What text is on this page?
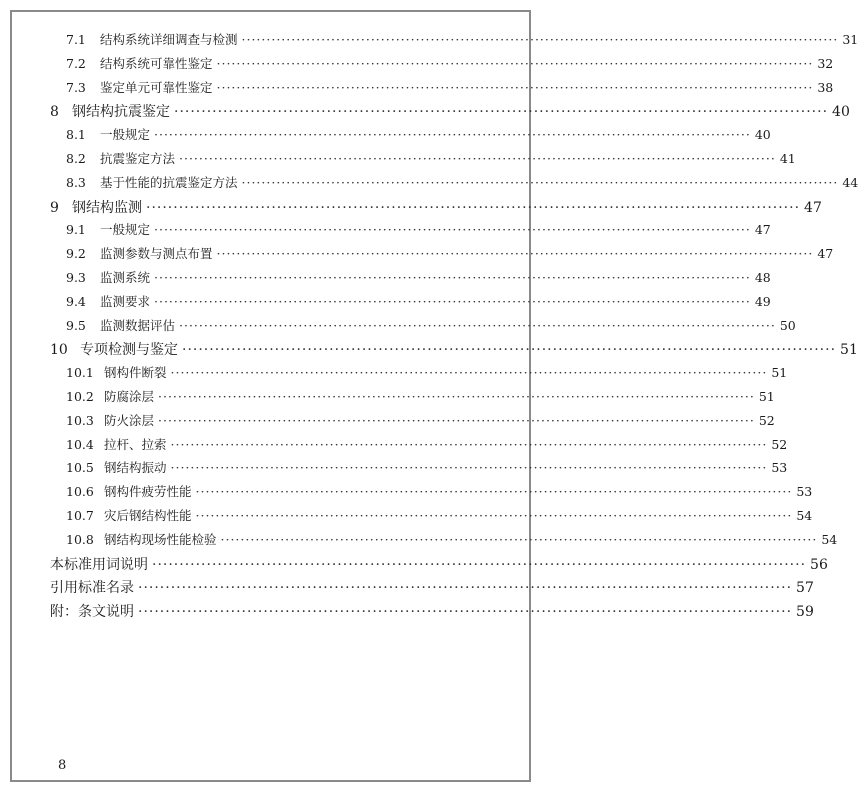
7.1	结构系统详细调查与检测 ························································································································ 31
7.2	结构系统可靠性鉴定 ························································································································ 32
7.3	鉴定单元可靠性鉴定 ························································································································ 38
8 钢结构抗震鉴定 ························································································································ 40
8.1	一般规定 ························································································································ 40
8.2	抗震鉴定方法 ························································································································ 41
8.3	基于性能的抗震鉴定方法 ························································································································ 44
9 钢结构监测 ························································································································ 47
9.1	一般规定 ························································································································ 47
9.2	监测参数与测点布置 ························································································································ 47
9.3	监测系统 ························································································································ 48
9.4	监测要求 ························································································································ 49
9.5	监测数据评估 ························································································································ 50
10 专项检测与鉴定 ························································································································ 51
10.1 钢构件断裂 ························································································································ 51
10.2 防腐涂层 ························································································································ 51
10.3 防火涂层 ························································································································ 52
10.4 拉杆、拉索 ························································································································ 52
10.5 钢结构振动 ························································································································ 53
10.6 钢构件疲劳性能 ························································································································ 53
10.7 灾后钢结构性能 ························································································································ 54
10.8 钢结构现场性能检验 ························································································································ 54
本标准用词说明 ························································································································ 56
引用标准名录 ························································································································ 57
附：条文说明 ························································································································ 59
8
